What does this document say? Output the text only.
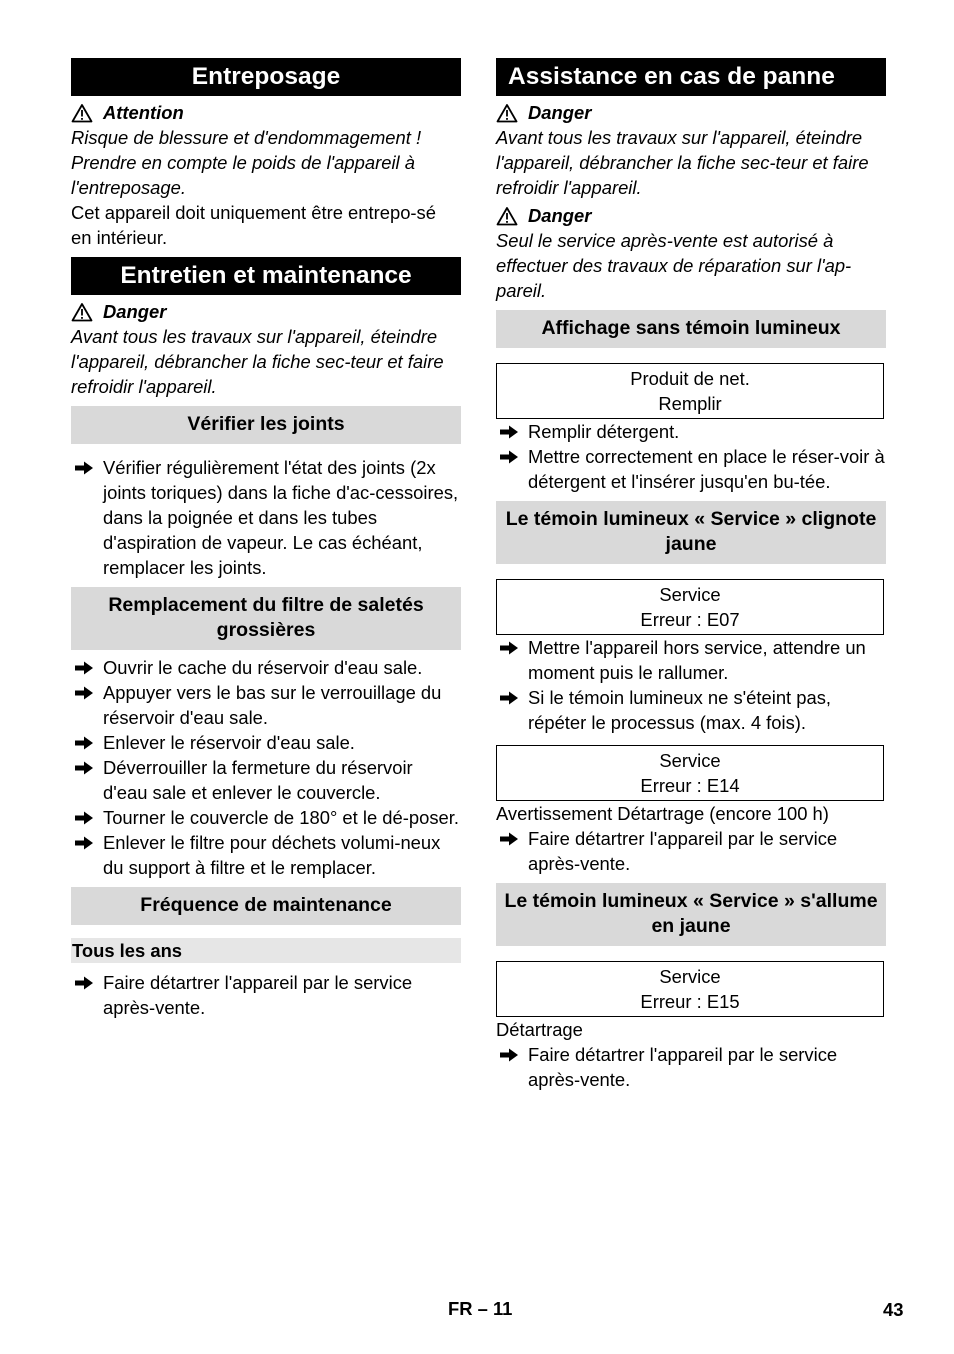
Entreposage
Attention
Risque de blessure et d'endommagement ! Prendre en compte le poids de l'appareil à l'entreposage.
Cet appareil doit uniquement être entrepo-sé en intérieur.
Entretien et maintenance
Danger
Avant tous les travaux sur l'appareil, éteindre l'appareil, débrancher la fiche sec-teur et faire refroidir l'appareil.
Vérifier les joints
Vérifier régulièrement l'état des joints (2x joints toriques) dans la fiche d'ac-cessoires, dans la poignée et dans les tubes d'aspiration de vapeur. Le cas échéant, remplacer les joints.
Remplacement du filtre de saletés grossières
Ouvrir le cache du réservoir d'eau sale.
Appuyer vers le bas sur le verrouillage du réservoir d'eau sale.
Enlever le réservoir d'eau sale.
Déverrouiller la fermeture du réservoir d'eau sale et enlever le couvercle.
Tourner le couvercle de 180° et le dé-poser.
Enlever le filtre pour déchets volumi-neux du support à filtre et le remplacer.
Fréquence de maintenance
Tous les ans
Faire détartrer l'appareil par le service après-vente.
Assistance en cas de panne
Danger
Avant tous les travaux sur l'appareil, éteindre l'appareil, débrancher la fiche sec-teur et faire refroidir l'appareil.
Danger
Seul le service après-vente est autorisé à effectuer des travaux de réparation sur l'ap-pareil.
Affichage sans témoin lumineux
Produit de net.
Remplir
Remplir détergent.
Mettre correctement en place le réser-voir à détergent et l'insérer jusqu'en bu-tée.
Le témoin lumineux « Service » clignote jaune
Service
Erreur : E07
Mettre l'appareil hors service, attendre un moment puis le rallumer.
Si le témoin lumineux ne s'éteint pas, répéter le processus (max. 4 fois).
Service
Erreur : E14
Avertissement Détartrage (encore 100 h)
Faire détartrer l'appareil par le service après-vente.
Le témoin lumineux « Service » s'allume en jaune
Service
Erreur : E15
Détartrage
Faire détartrer l'appareil par le service après-vente.
FR – 11	43
